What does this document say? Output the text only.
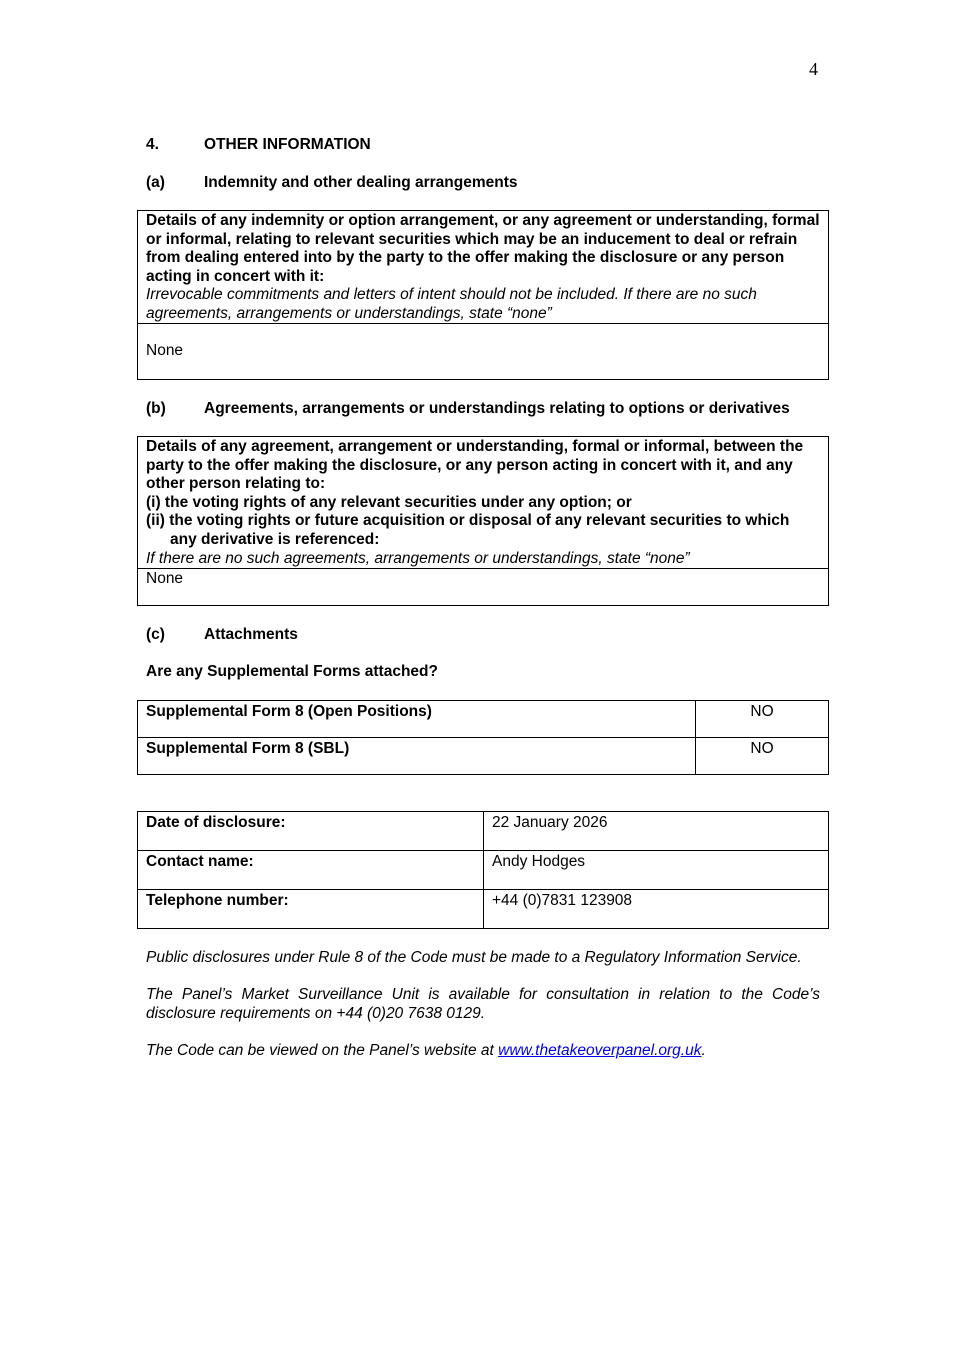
4
4.	OTHER INFORMATION
(a)	Indemnity and other dealing arrangements
Details of any indemnity or option arrangement, or any agreement or understanding, formal or informal, relating to relevant securities which may be an inducement to deal or refrain from dealing entered into by the party to the offer making the disclosure or any person acting in concert with it:
Irrevocable commitments and letters of intent should not be included. If there are no such agreements, arrangements or understandings, state “none”
None
(b) Agreements, arrangements or understandings relating to options or derivatives
Details of any agreement, arrangement or understanding, formal or informal, between the party to the offer making the disclosure, or any person acting in concert with it, and any other person relating to:
(i) the voting rights of any relevant securities under any option; or
(ii) the voting rights or future acquisition or disposal of any relevant securities to which
any derivative is referenced:
If there are no such agreements, arrangements or understandings, state “none”
None
(c)	Attachments
Are any Supplemental Forms attached?
Supplemental Form 8 (Open Positions)	NO
Supplemental Form 8 (SBL)	NO
Date of disclosure:	22 January 2026
Contact name:	Andy Hodges
Telephone number:	+44 (0)7831 123908

Public disclosures under Rule 8 of the Code must be made to a Regulatory Information Service.

The Panel’s Market Surveillance Unit is available for consultation in relation to the Code’s disclosure requirements on +44 (0)20 7638 0129.

The Code can be viewed on the Panel’s website at www.thetakeoverpanel.org.uk.
